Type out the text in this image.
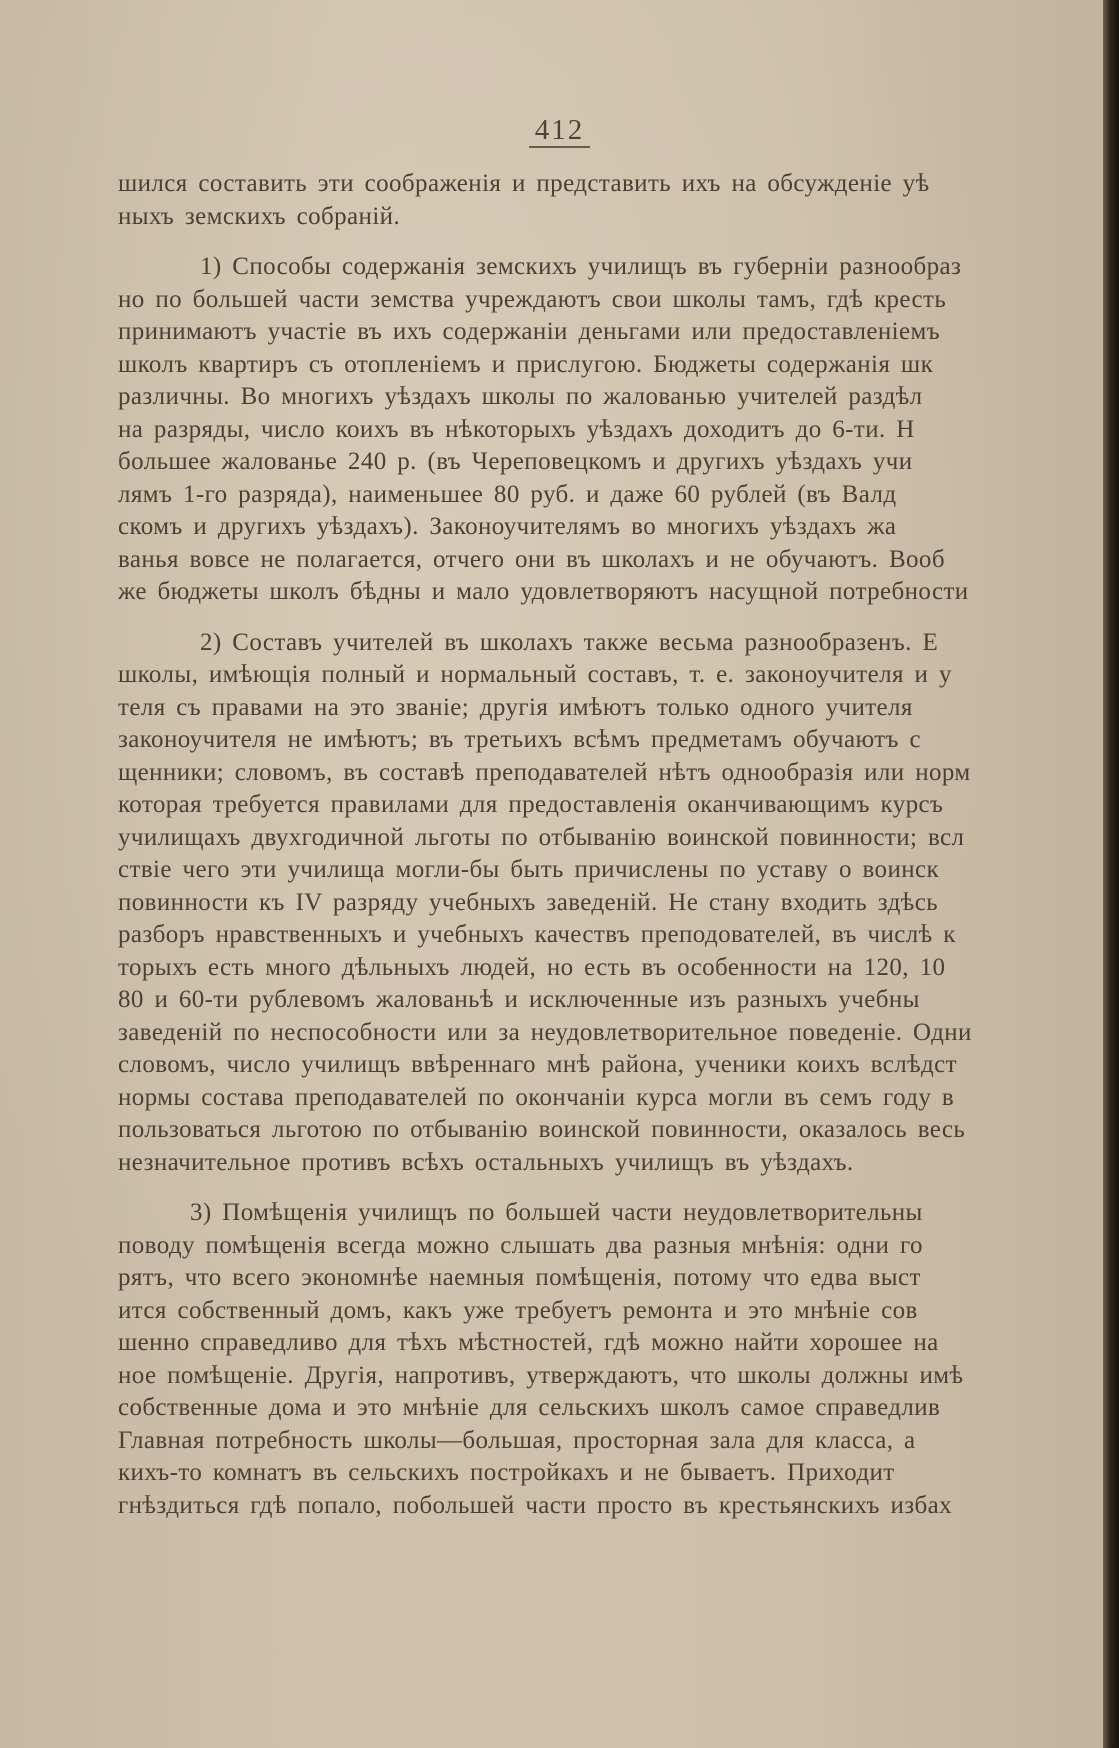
412
шился составить эти соображенія и представить ихъ на обсужденіе уѣ
ныхъ земскихъ собраній.
1) Способы содержанія земскихъ училищъ въ губерніи разнообраз
но по большей части земства учреждаютъ свои школы тамъ, гдѣ кресть
принимаютъ участіе въ ихъ содержаніи деньгами или предоставленіемъ
школъ квартиръ съ отопленіемъ и прислугою. Бюджеты содержанія шк
различны. Во многихъ уѣздахъ школы по жалованью учителей раздѣл
на разряды, число коихъ въ нѣкоторыхъ уѣздахъ доходитъ до 6-ти. Н
большее жалованье 240 р. (въ Череповецкомъ и другихъ уѣздахъ учи
лямъ 1-го разряда), наименьшее 80 руб. и даже 60 рублей (въ Валд
скомъ и другихъ уѣздахъ). Законоучителямъ во многихъ уѣздахъ жа
ванья вовсе не полагается, отчего они въ школахъ и не обучаютъ. Вооб
же бюджеты школъ бѣдны и мало удовлетворяютъ насущной потребности
2) Составъ учителей въ школахъ также весьма разнообразенъ. Е
школы, имѣющія полный и нормальный составъ, т. е. законоучителя и у
теля съ правами на это званіе; другія имѣютъ только одного учителя
законоучителя не имѣютъ; въ третьихъ всѣмъ предметамъ обучаютъ с
щенники; словомъ, въ составѣ преподавателей нѣтъ однообразія или норм
которая требуется правилами для предоставленія оканчивающимъ курсъ
училищахъ двухгодичной льготы по отбыванію воинской повинности; всл
ствіе чего эти училища могли-бы быть причислены по уставу о воинск
повинности къ IV разряду учебныхъ заведеній. Не стану входить здѣсь
разборъ нравственныхъ и учебныхъ качествъ преподователей, въ числѣ к
торыхъ есть много дѣльныхъ людей, но есть въ особенности на 120, 10
80 и 60-ти рублевомъ жалованьѣ и исключенные изъ разныхъ учебны
заведеній по неспособности или за неудовлетворительное поведеніе. Одни
словомъ, число училищъ ввѣреннаго мнѣ района, ученики коихъ вслѣдст
нормы состава преподавателей по окончаніи курса могли въ семъ году в
пользоваться льготою по отбыванію воинской повинности, оказалось весь
незначительное противъ всѣхъ остальныхъ училищъ въ уѣздахъ.
3) Помѣщенія училищъ по большей части неудовлетворительны
поводу помѣщенія всегда можно слышать два разныя мнѣнія: одни го
рятъ, что всего экономнѣе наемныя помѣщенія, потому что едва выст
ится собственный домъ, какъ уже требуетъ ремонта и это мнѣніе сов
шенно справедливо для тѣхъ мѣстностей, гдѣ можно найти хорошее на
ное помѣщеніе. Другія, напротивъ, утверждаютъ, что школы должны имѣ
собственные дома и это мнѣніе для сельскихъ школъ самое справедлив
Главная потребность школы—большая, просторная зала для класса, а
кихъ-то комнатъ въ сельскихъ постройкахъ и не бываетъ. Приходит
гнѣздиться гдѣ попало, побольшей части просто въ крестьянскихъ избах
